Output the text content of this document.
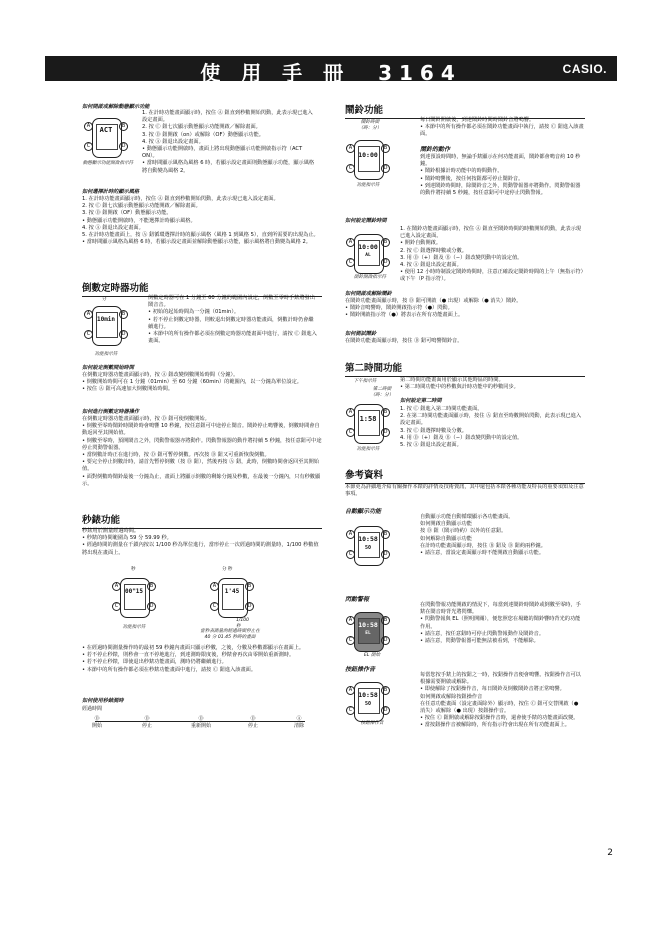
使 用 手 冊 3164	CASIO.
如何開啟或解除動態顯示功能
ACT
A
C
B
D
動態顯示功能開啟指示符

1. 在計時功能畫面顯示時，按住 Ⓐ 鈕直到秒數開始閃動，此表示現已進入設定畫面。

2. 按 Ⓒ 鈕七次顯示動態顯示功能開啟／解除畫面。

3. 按 Ⓓ 鈕開啟（on）或解除（OF）動態顯示功能。

4. 按 Ⓐ 鈕退出設定畫面。

• 動態顯示功能開啟時，畫面上將出現動態顯示功能開啟指示符（ACT ON）。

• 當時間顯示風格為風格 6 時，若顯示設定畫面則動態顯示功能，顯示風格將自動變為風格 2。

如何選擇計時的顯示風格

1. 在計時功能畫面顯示時，按住 Ⓐ 鈕直到秒數開始閃動，此表示現已進入設定畫面。

2. 按 Ⓒ 鈕七次顯示動態顯示功能開啟／解除畫面。

3. 按 Ⓓ 鈕開啟（OF）動態顯示功能。

• 動態顯示功能開啟時，不能選擇計時顯示風格。

4. 按 Ⓐ 鈕退出設定畫面。

5. 在計時功能畫面上，按 Ⓐ 鈕循環選擇計時的顯示風格（風格 1 到風格 5），直到所需要的出現為止。

• 當時間顯示風格為風格 6 時，若顯示設定畫面並解除動態顯示功能，顯示風格將自動變為風格 2。

倒數定時器功能
分
10min
A
C
B
D
功能指示符

倒數定時器可在 1 分鐘至 60 分鐘的範圍內設定，倒數至零時手錶將發出鬧音音。

• 初始的起始時間為一分鐘（01min）。

• 若不停止倒數定時器，則較退出倒數定時器功能畫面，倒數計時仍會繼續進行。

• 本節中的所有操作都必須在倒數定時器功能畫面中進行，請按 Ⓒ 鈕進入畫面。

如何設定倒數開始時間

在倒數定時器功能畫面顯示時，按 Ⓐ 鈕改變倒數開始時間（分鐘）。

• 倒數開始時間可在 1 分鐘（01min）至 60 分鐘（60min）的範圍內，以一分鐘為單位設定。

• 按住 Ⓐ 鈕可高速加大倒數開始時間。

如何進行倒數定時器操作

在倒數定時器功能畫面顯示時，按 Ⓓ 鈕可使倒數開始。

• 倒數至零時鬧鈴時鬧鈴時會鳴響 10 秒鐘，按任意鈕可中途停止鬧音。鬧鈴停止鳴響後，倒數時間會自動返回至其開始值。

• 倒數至零時，預開鬧音之外，閃動警報器亦將動作。閃動警報器的動作將持續 5 秒鐘，按任意鈕可中途停止閃動警報器。

• 當倒數計時正在進行時，按 Ⓓ 鈕可暫停倒數。再次按 Ⓓ 鈕又可重新恢復倒數。

• 要完全停止倒數計時，請首先暫停倒數（按 Ⓓ 鈕），然後再按 Ⓐ 鈕，此時，倒數時間會返回至其開始值。

• 面對倒數時鬧鈴最後一分鐘為止，畫面上將顯示倒數的剩餘分鐘及秒數，在最後一分鐘內，只有秒數顯示。

秒錶功能

秒錶用於測量經過時間。

• 秒錶的時間範圍為 59 分 59.99 秒。

• 經過時間的測量在千鎖內按以 1/100 秒為單位進行，當形停止一次經過時間的測量時，1/100 秒數值將出現在畫面上。

秒
00"15
A
C
B
D
功能指示符
分 秒
1'45
1/100 秒
A
C
B
D
當秒表測量的經過時間停止在
40 分 01.45 秒時的畫面

• 在經過時間測量操作時的最初 59 秒鐘內畫面只顯示秒數，之後，分數及秒數都顯示在畫面上。

• 若不停止秒錶，則秒會一直不停地進行，到達測時限度後，秒錶會再次由零開始重新測時。

• 若不停止秒錶，即使退出秒錶功能畫面，測時仍將繼續進行。

• 本節中的所有操作都必須在秒錶功能畫面中進行，請按 Ⓒ 鈕進入該畫面。

如何使用秒錶測時
經過時間
Ⓓ
開始
Ⓓ
停止
Ⓓ
重新開始
Ⓓ
停止
Ⓐ
清除
鬧鈴功能
鬧鈴時間
（時：分）
10:00
A
C
B
D
功能指示符

每日鬧鈴開啟後，到達鬧鈴時間時鬧鈴音將鳴響。

• 本節中的所有操作都必須在鬧鈴功能畫面中執行，請按 Ⓒ 鈕進入該畫面。

鬧鈴的動作

到達預設時間時，無論手錶顯示在何功能畫面，鬧鈴都會鳴音約 10 秒鐘。

• 鬧鈴根據計時功能中的時間動作。

• 鬧鈴鳴響後，按任何按鈕都可停止鬧鈴音。

• 到達鬧鈴時間時，除鬧鈴音之外，閃動警報器亦將動作。閃動警報器的動作將持續 5 秒鐘，按任意鈕可中途停止閃動警報。

如何設定鬧鈴時間
10:00
AL
A
C
B
D
開鈴開啟指示符

1. 在鬧鈴功能畫面顯示時，按住 Ⓐ 鈕直至鬧鈴時間的時數開始閃動，此表示現已進入設定畫面。

• 開鈴自動開啟。

2. 按 Ⓒ 鈕選擇時數或分數。

3. 用 Ⓓ（+）鈕及 Ⓑ（−）鈕改變閃動中的設定值。

4. 按 Ⓐ 鈕退出設定畫面。

• 使用 12 小時時制設定鬧鈴時間時，注意正確設定鬧鈴時間的上午（無指示符）或下午（P 指示符）。

如何開啟或解除鬧鈴

在鬧鈴功能畫面顯示時，按 Ⓓ 鈕可開啟（● 出現）或解除（● 消失）鬧鈴。

• 鬧鈴音鳴響時，鬧鈴開啟指示符（●）閃動。

• 鬧鈴開啟指示符（●）將表示在所有功能畫面上。

如何測試鬧鈴

在鬧鈴功能畫面顯示時，按住 Ⓓ 鈕可鳴響鬧鈴音。

第二時間功能
下午指示符
第二時間
（時：分）
1:58
A
C
B
D
功能指示符

第二時間功能畫面用於顯示其他時區的時間。

• 第二時間功能中的秒數與計時功能中的秒數同步。

如何設定第二時間

1. 按 Ⓒ 鈕進入第二時間功能畫面。

2. 在第二時間功能畫面顯示時，按住 Ⓐ 鈕直至時數開始閃動，此表示現已進入設定畫面。

3. 按 Ⓒ 鈕選擇時數及分數。

4. 用 Ⓓ（+）鈕及 Ⓑ（−）鈕改變閃動中的設定值。

5. 按 Ⓐ 鈕退出設定畫面。

參考資料
本節更為詳細地介紹有關操作本錶的詳情及技術資訊，其中還包括本錶各種功能及特長的重要須知及注意事項。
自動顯示功能
10:58
50
A
C
B
D

自動顯示功能自動循環顯示各功能畫面。

如何開啟自動顯示功能

按 Ⓓ 鈕（鬧示時約）以外的任意鈕。

如何解除自動顯示功能

在計時功能畫面顯示時，按住 Ⓑ 鈕及 Ⓓ 鈕約兩秒鐘。

• 請注意，當設定畫面顯示時不能開啟自動顯示功能。

閃動警報
10:58
EL
A
C
B
D
EL 開始

在閃動警報功能開啟的情況下，每當到達鬧鈴時鬧鈴或倒數至零時，手錶在鬧音時背光將閃爍。

• 閃動警報與 EL（照明開關），便您照您在場聽的鬧鈴響時背光的功能作用。

• 請注意，按任意鈕時可停止閃動警報動作及鬧鈴音。

• 請注意，閃動警報器可能無法被看到，不能解除。

按鈕操作音
10:58
50
A
C
B
D
按鈕操作音

每當您按手錶上的按鈕之一時，按鈕操作音便會鳴響。按鈕操作音可以根據需要開啟或解除。

• 即使解除了按鈕操作音，每日鬧鈴及倒數鬧鈴音將正常鳴響。

如何開啟或解除按鈕操作音

在任意功能畫面（設定畫面除外）顯示時，按住 Ⓒ 鈕可交替開啟（● 消失）或解除（● 出現）按鈕操作音。

• 按住 Ⓒ 鈕開啟或解除按鈕操作音時，還會使手錶的功能畫面改變。

• 當按鈕操作音被解除時，所有指示符會出現在所有功能畫面上。

2
